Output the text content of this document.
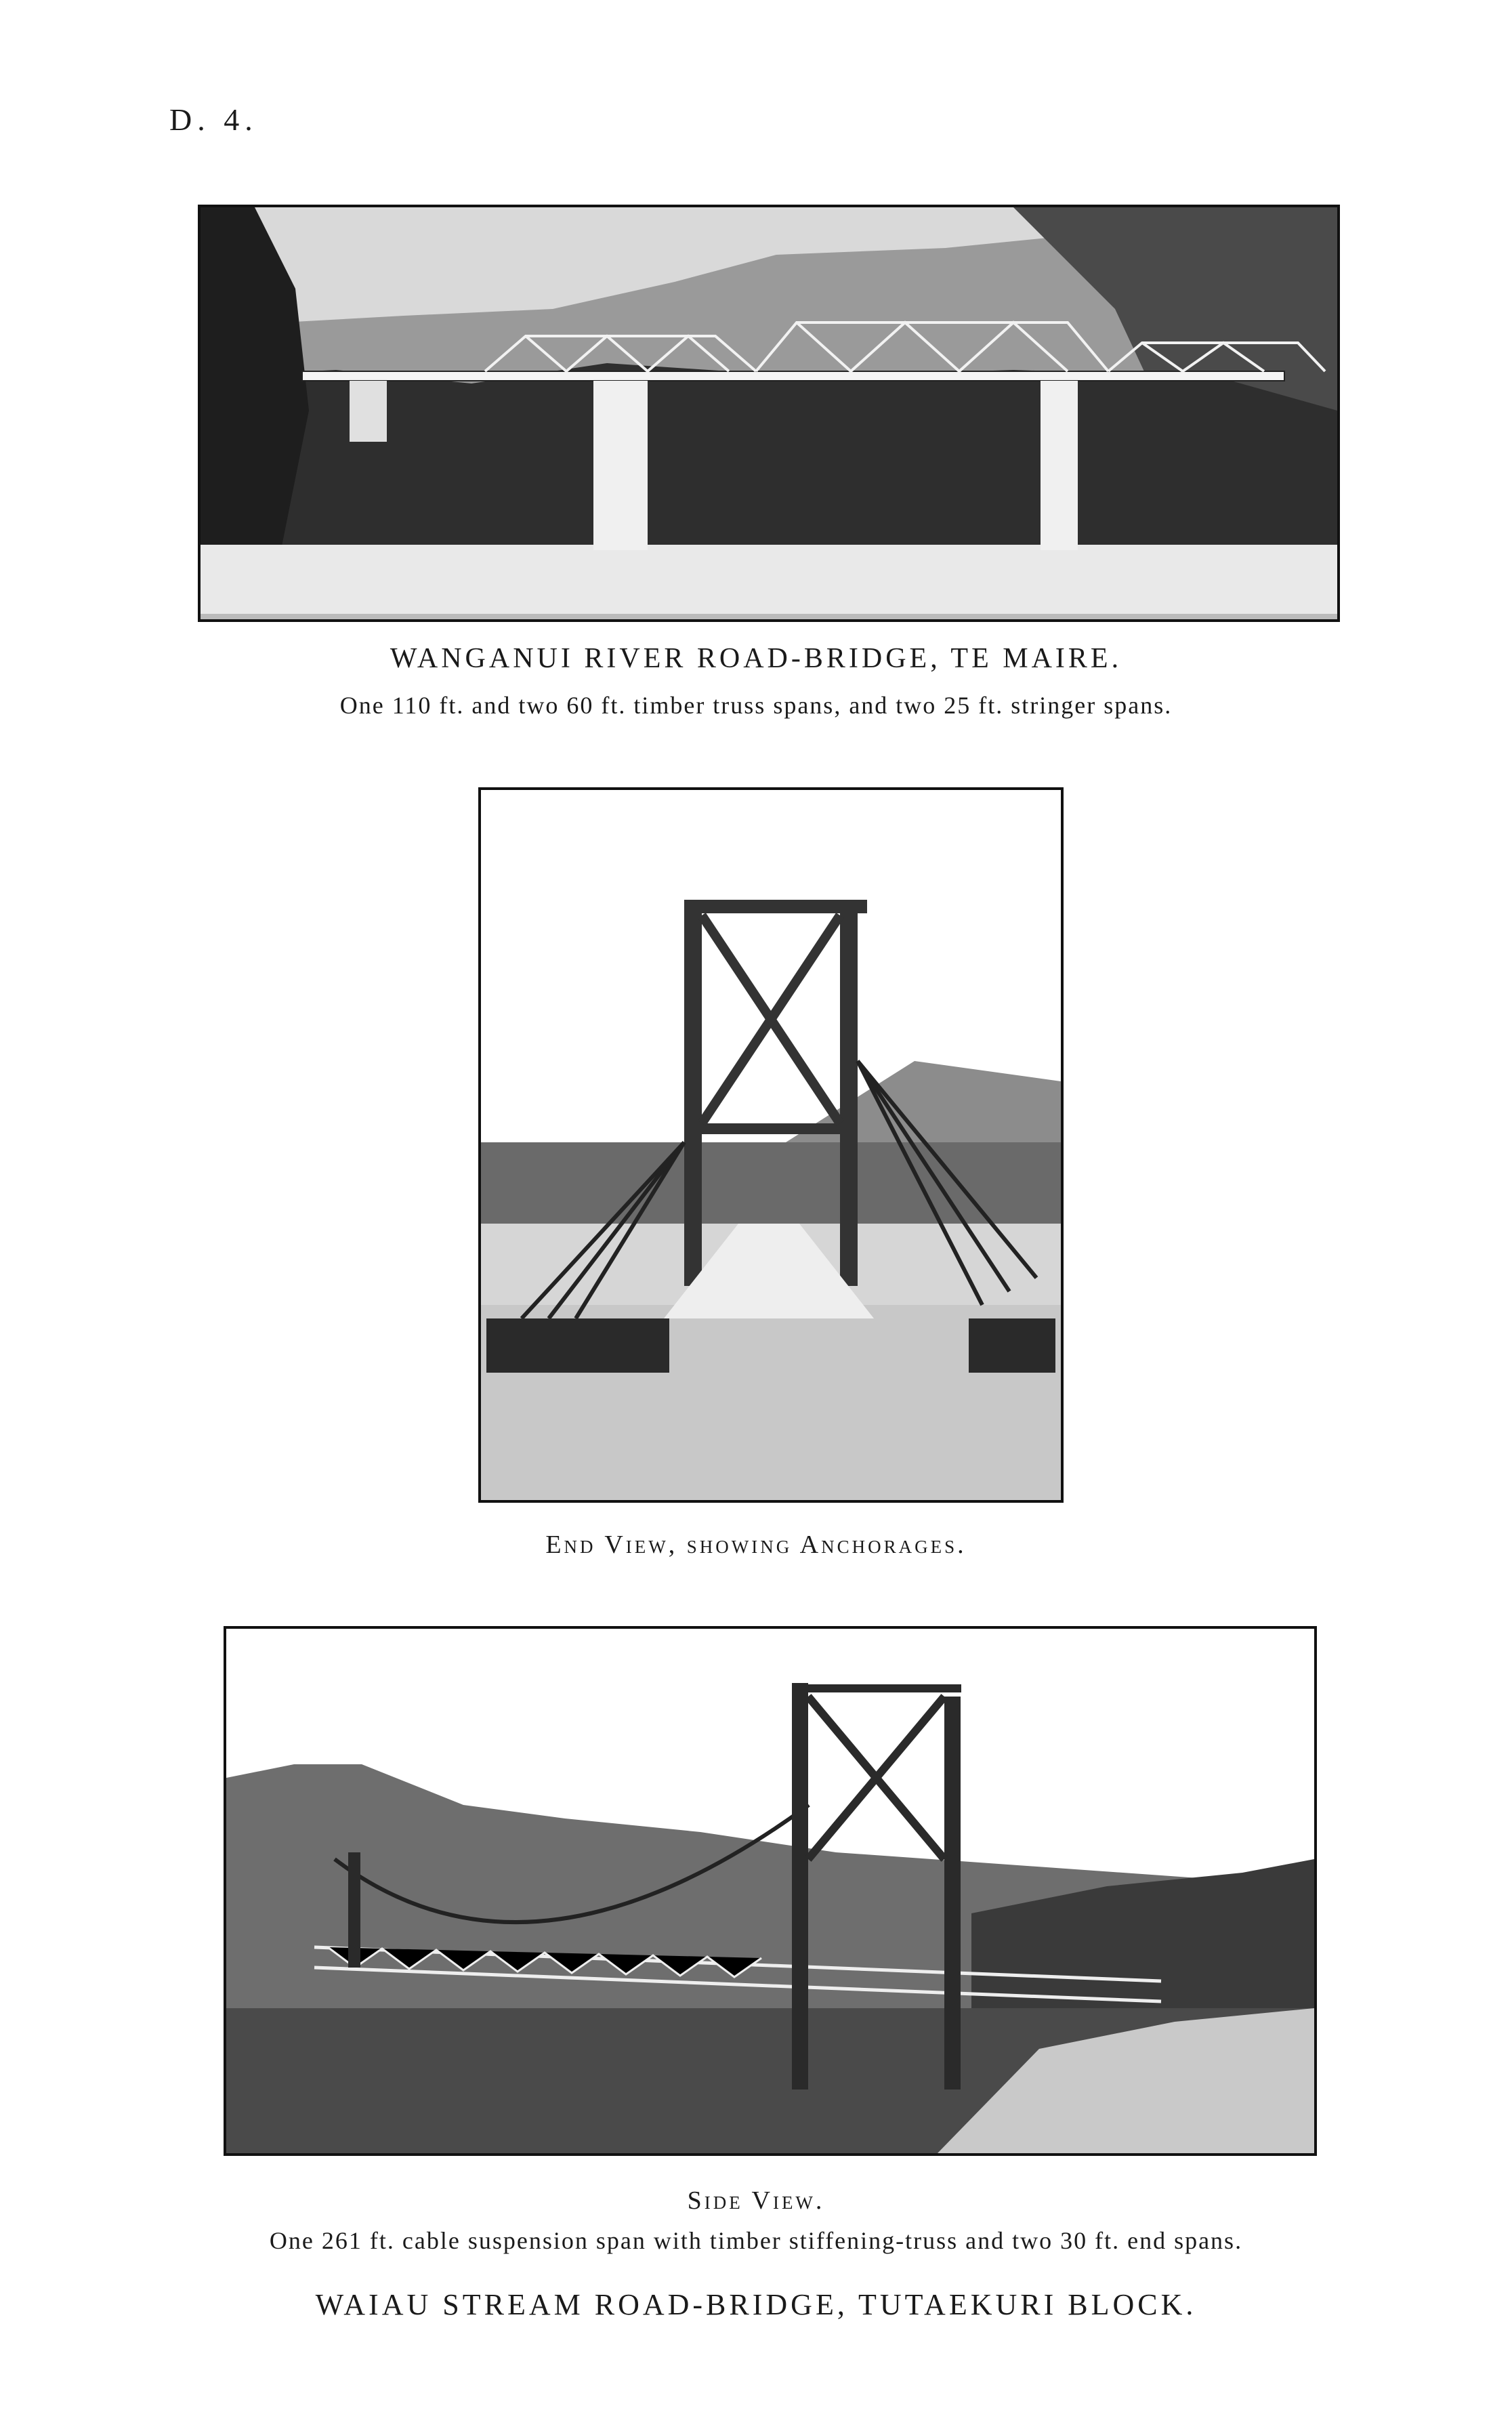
D. 4.
WANGANUI RIVER ROAD-BRIDGE, TE MAIRE.
One 110 ft. and two 60 ft. timber truss spans, and two 25 ft. stringer spans.
End View, showing Anchorages.
Side View.
One 261 ft. cable suspension span with timber stiffening-truss and two 30 ft. end spans.
WAIAU STREAM ROAD-BRIDGE, TUTAEKURI BLOCK.
